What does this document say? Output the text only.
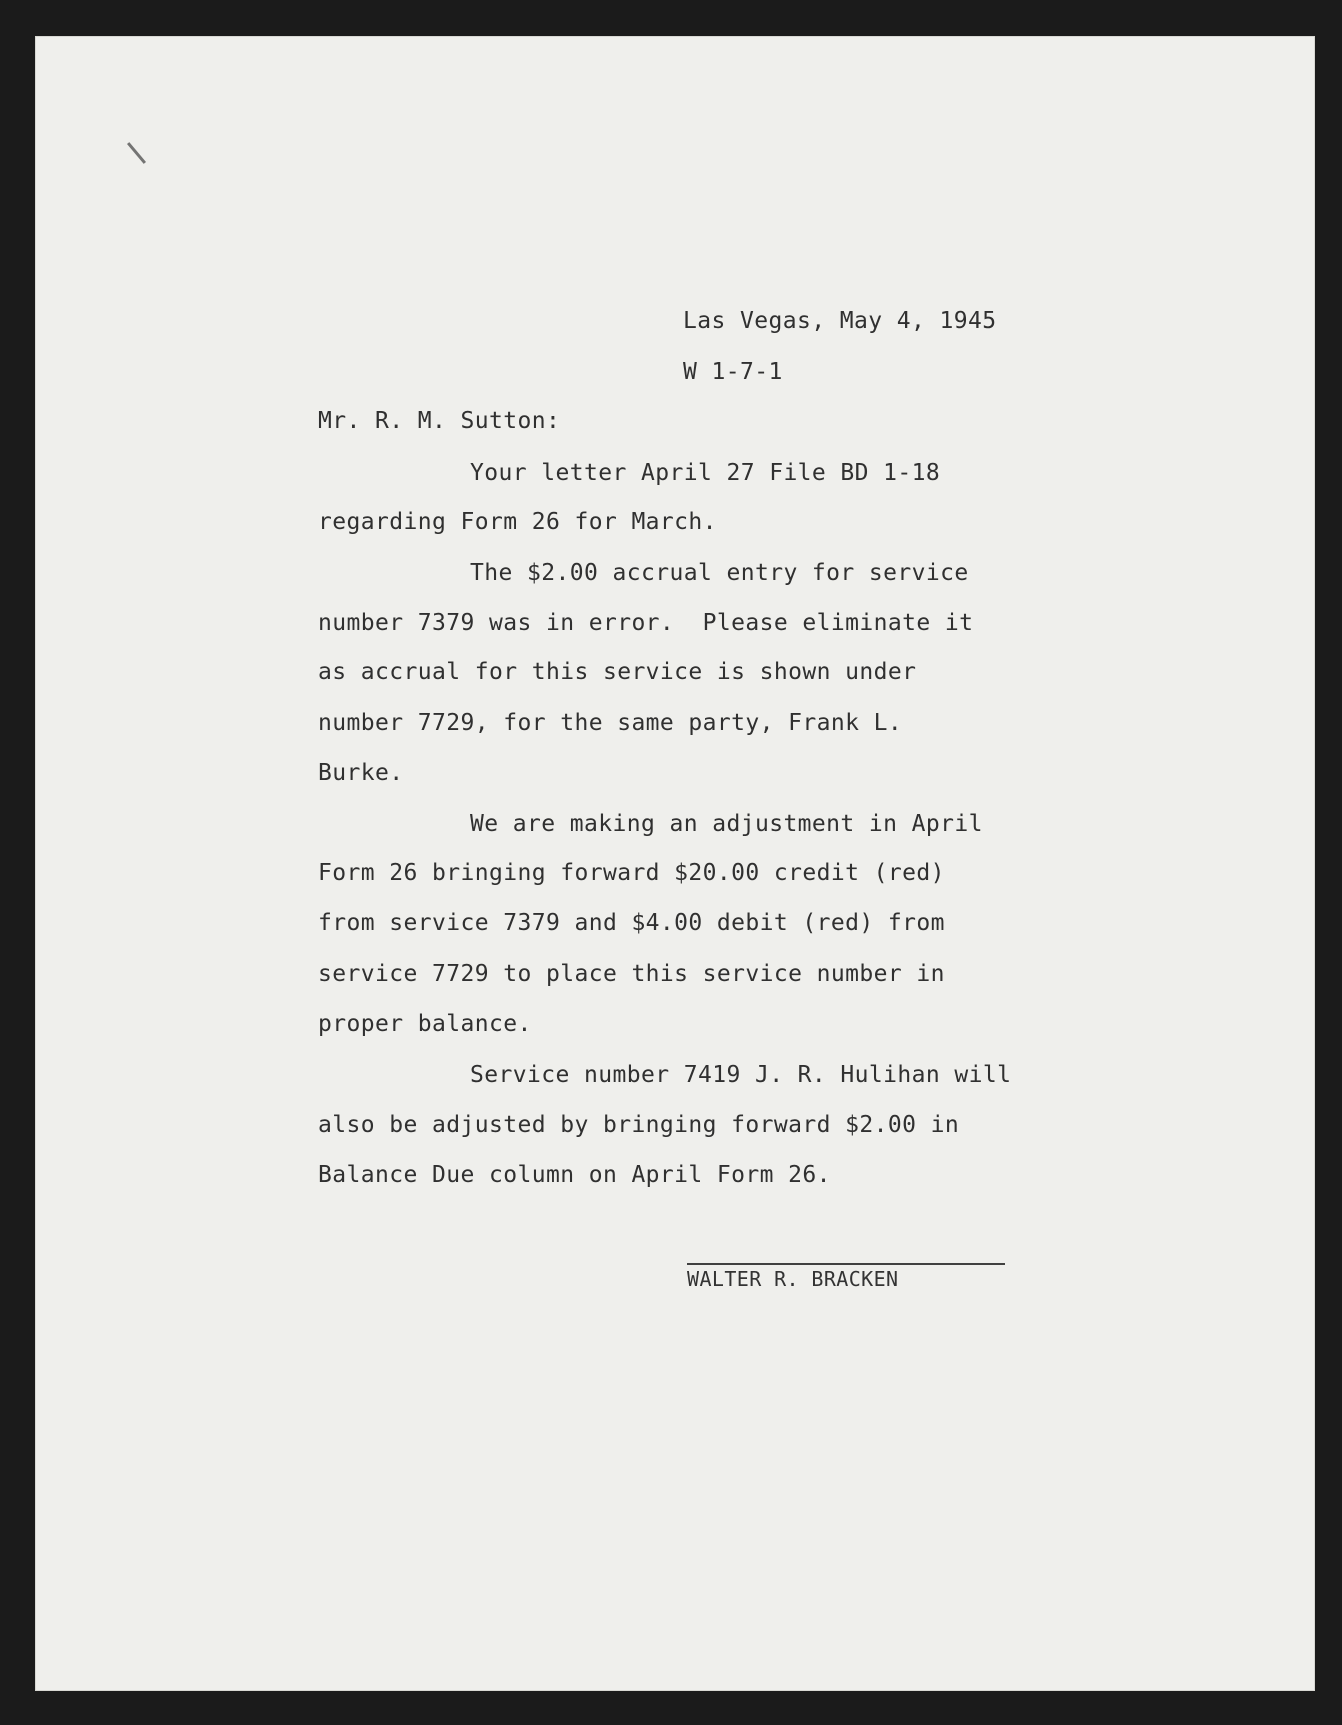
Las Vegas, May 4, 1945
W 1-7-1
Mr. R. M. Sutton:
Your letter April 27 File BD 1-18
regarding Form 26 for March.
The $2.00 accrual entry for service
number 7379 was in error.  Please eliminate it
as accrual for this service is shown under
number 7729, for the same party, Frank L.
Burke.
We are making an adjustment in April
Form 26 bringing forward $20.00 credit (red)
from service 7379 and $4.00 debit (red) from
service 7729 to place this service number in
proper balance.
Service number 7419 J. R. Hulihan will
also be adjusted by bringing forward $2.00 in
Balance Due column on April Form 26.
WALTER R. BRACKEN
